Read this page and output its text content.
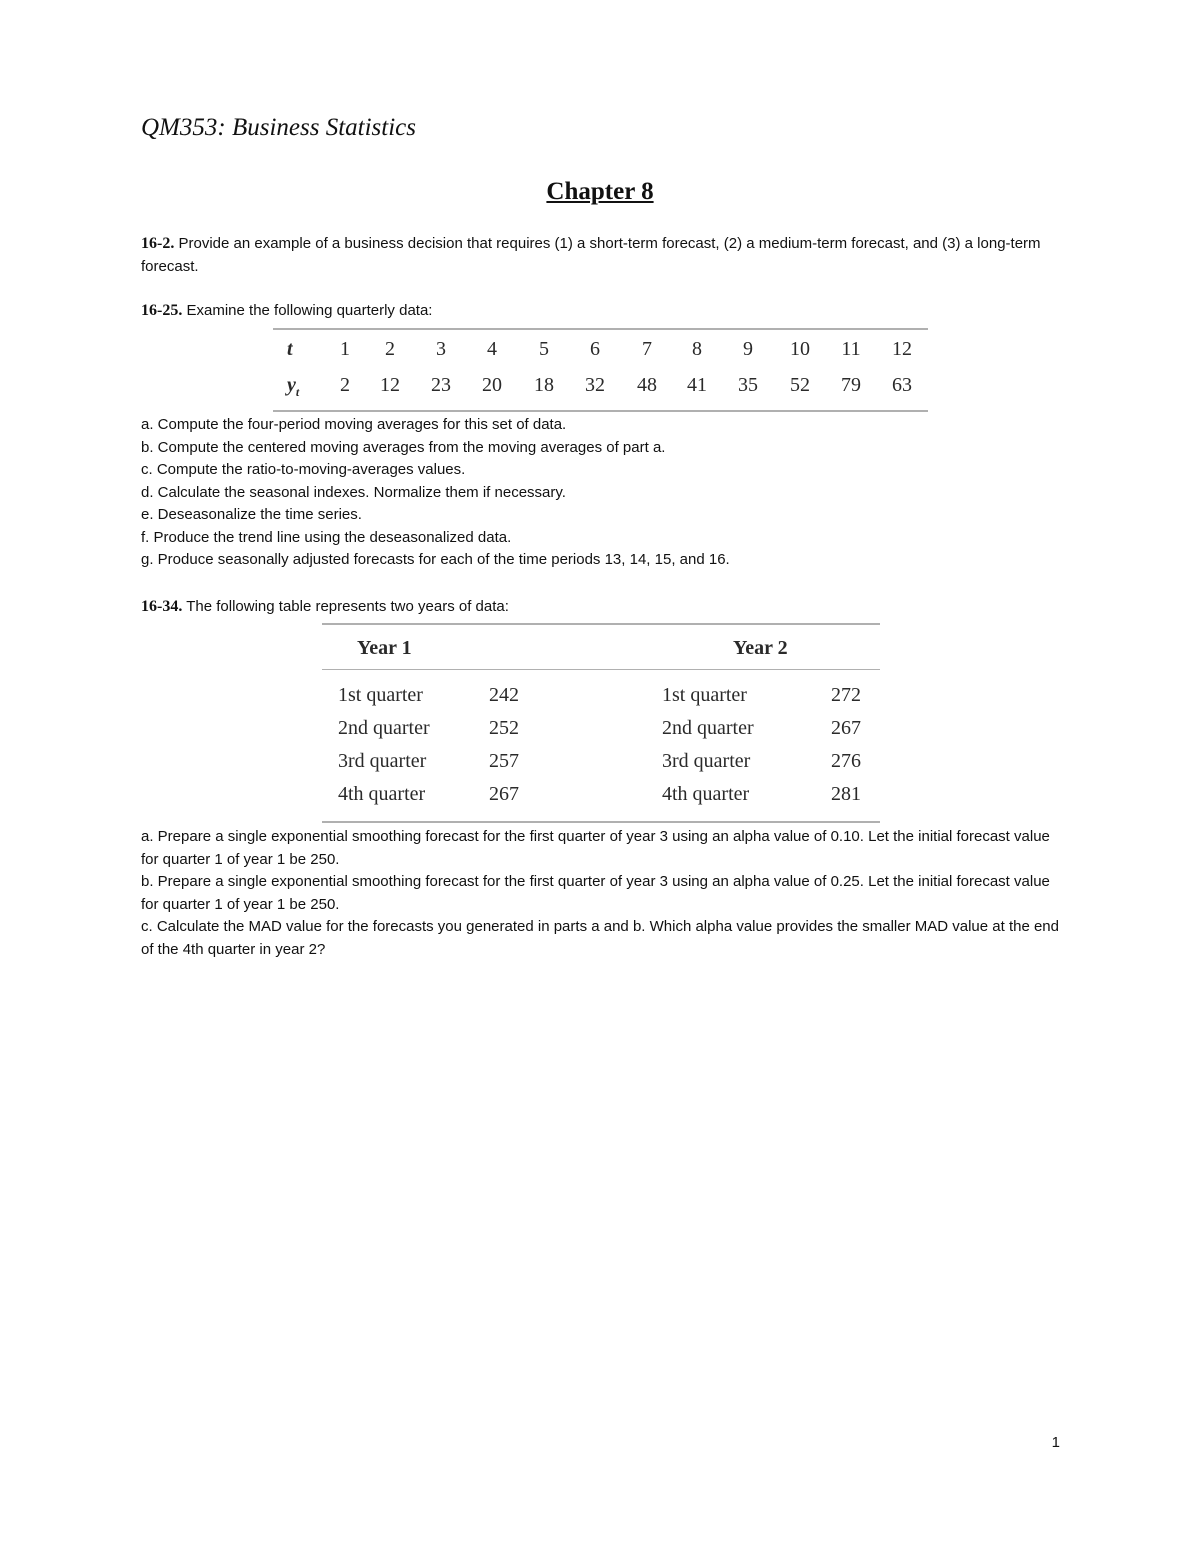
QM353: Business Statistics
Chapter 8

16-2. Provide an example of a business decision that requires (1) a short-term forecast, (2) a medium-term forecast, and (3) a long-term forecast.

16-25. Examine the following quarterly data:

t	1	2	3	4	5	6	7	8	9	10	11	12
$y_t$	2	12	23	20	18	32	48	41	35	52	79	63
a. Compute the four-period moving averages for this set of data.
b. Compute the centered moving averages from the moving averages of part a.
c. Compute the ratio-to-moving-averages values.
d. Calculate the seasonal indexes. Normalize them if necessary.
e. Deseasonalize the time series.
f. Produce the trend line using the deseasonalized data.
g. Produce seasonally adjusted forecasts for each of the time periods 13, 14, 15, and 16.

16-34. The following table represents two years of data:

Year 1	Year 2
1st quarter	242	1st quarter	272
2nd quarter	252	2nd quarter	267
3rd quarter	257	3rd quarter	276
4th quarter	267	4th quarter	281
a. Prepare a single exponential smoothing forecast for the first quarter of year 3 using an alpha value of 0.10. Let the initial forecast value for quarter 1 of year 1 be 250.
b. Prepare a single exponential smoothing forecast for the first quarter of year 3 using an alpha value of 0.25. Let the initial forecast value for quarter 1 of year 1 be 250.
c. Calculate the MAD value for the forecasts you generated in parts a and b. Which alpha value provides the smaller MAD value at the end of the 4th quarter in year 2?
1
